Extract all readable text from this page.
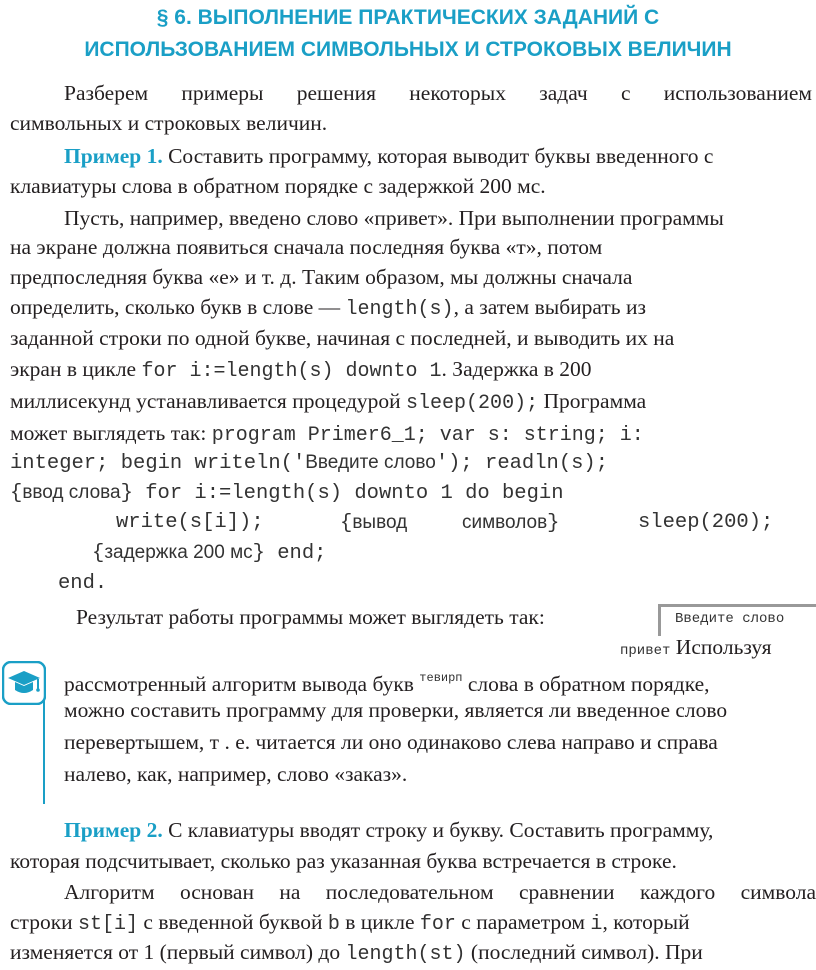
§ 6. ВЫПОЛНЕНИЕ ПРАКТИЧЕСКИХ ЗАДАНИЙ С
ИСПОЛЬЗОВАНИЕМ СИМВОЛЬНЫХ И СТРОКОВЫХ ВЕЛИЧИН
Разберем примеры решения некоторых задач с использованием
символьных и строковых величин.
Пример 1. Составить программу, которая выводит буквы введенного с
клавиатуры слова в обратном порядке с задержкой 200 мс.
Пусть, например, введено слово «привет». При выполнении программы
на экране должна появиться сначала последняя буква «т», потом
предпоследняя буква «е» и т. д. Таким образом, мы должны сначала
определить, сколько букв в слове — length(s), а затем выбирать из
заданной строки по одной букве, начиная с последней, и выводить их на
экран в цикле for i:=length(s) downto 1. Задержка в 200
миллисекунд устанавливается процедурой sleep(200); Программа
может выглядеть так: program Primer6_1; var s: string; i:
integer; begin writeln('Введите слово'); readln(s);
{ввод слова} for i:=length(s) downto 1 do begin
write(s[i]);	{вывод	символов}	sleep(200);
{задержка 200 мс} end;
end.
Результат работы программы может выглядеть так:	Введите слово
привет Используя
рассмотренный алгоритм вывода букв $^{тевирп}$ слова в обратном порядке,
можно составить программу для проверки, является ли введенное слово
перевертышем, т . е. читается ли оно одинаково слева направо и справа
налево, как, например, слово «заказ».
Пример 2. С клавиатуры вводят строку и букву. Составить программу,
которая подсчитывает, сколько раз указанная буква встречается в строке.
Алгоритм основан на последовательном сравнении каждого символа
строки st[i] с введенной буквой b в цикле for с параметром i, который
изменяется от 1 (первый символ) до length(st) (последний символ). При
